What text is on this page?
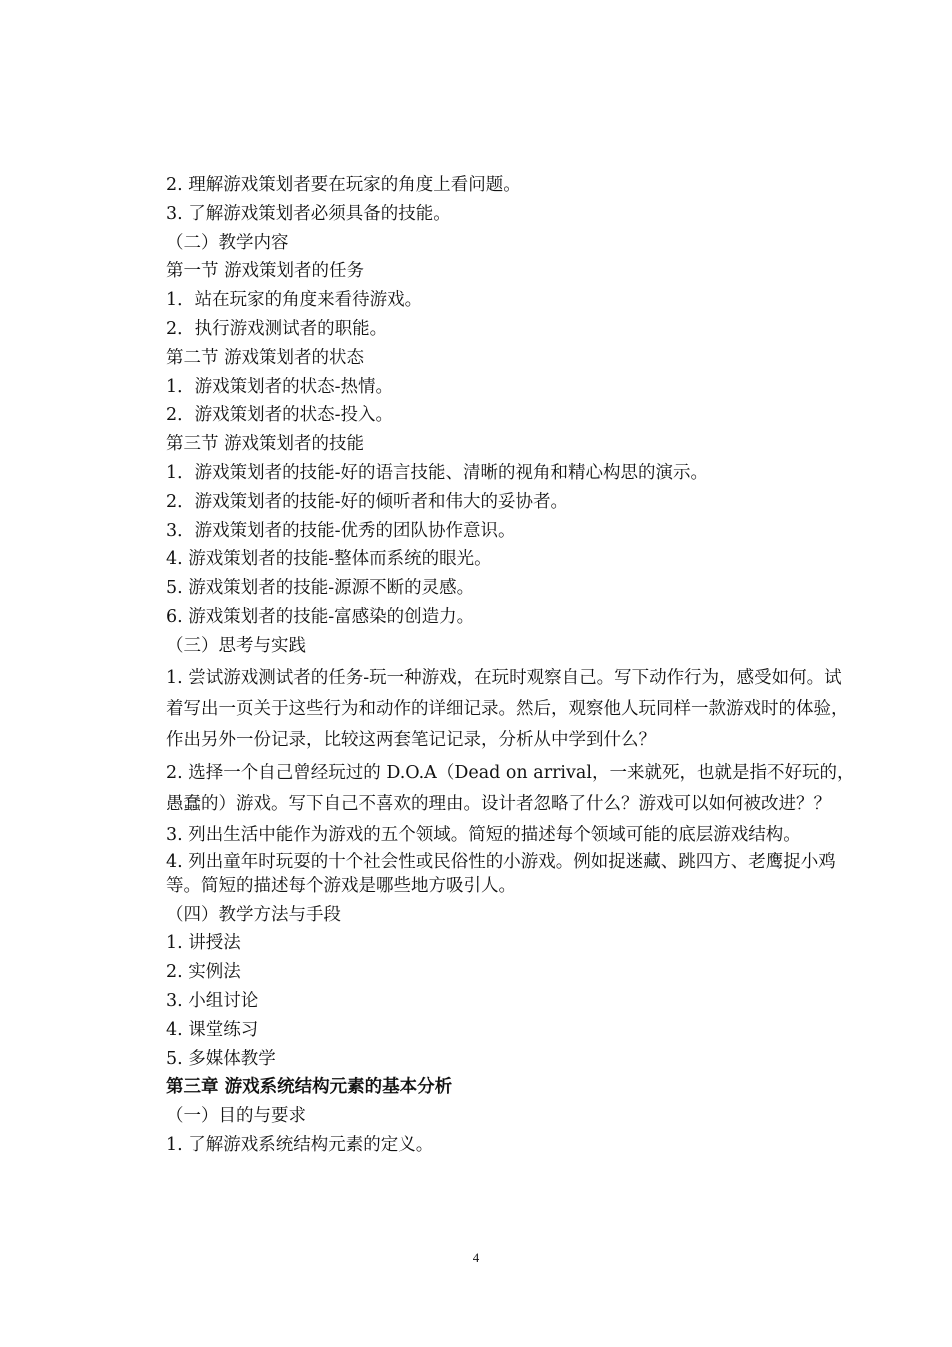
2. 理解游戏策划者要在玩家的角度上看问题。
3. 了解游戏策划者必须具备的技能。
（二）教学内容
第一节 游戏策划者的任务
1．站在玩家的角度来看待游戏。
2．执行游戏测试者的职能。
第二节 游戏策划者的状态
1．游戏策划者的状态-热情。
2．游戏策划者的状态-投入。
第三节 游戏策划者的技能
1．游戏策划者的技能-好的语言技能、清晰的视角和精心构思的演示。
2．游戏策划者的技能-好的倾听者和伟大的妥协者。
3．游戏策划者的技能-优秀的团队协作意识。
4. 游戏策划者的技能-整体而系统的眼光。
5. 游戏策划者的技能-源源不断的灵感。
6. 游戏策划者的技能-富感染的创造力。
（三）思考与实践
1. 尝试游戏测试者的任务-玩一种游戏，在玩时观察自己。写下动作行为，感受如何。试着写出一页关于这些行为和动作的详细记录。然后，观察他人玩同样一款游戏时的体验，作出另外一份记录，比较这两套笔记记录，分析从中学到什么？
2. 选择一个自己曾经玩过的 D.O.A（Dead on arrival，一来就死，也就是指不好玩的，愚蠢的）游戏。写下自己不喜欢的理由。设计者忽略了什么？游戏可以如何被改进？？
3. 列出生活中能作为游戏的五个领域。简短的描述每个领域可能的底层游戏结构。
4. 列出童年时玩耍的十个社会性或民俗性的小游戏。例如捉迷藏、跳四方、老鹰捉小鸡等。简短的描述每个游戏是哪些地方吸引人。
（四）教学方法与手段
1. 讲授法
2. 实例法
3. 小组讨论
4. 课堂练习
5. 多媒体教学
第三章 游戏系统结构元素的基本分析
（一）目的与要求
1. 了解游戏系统结构元素的定义。
4
